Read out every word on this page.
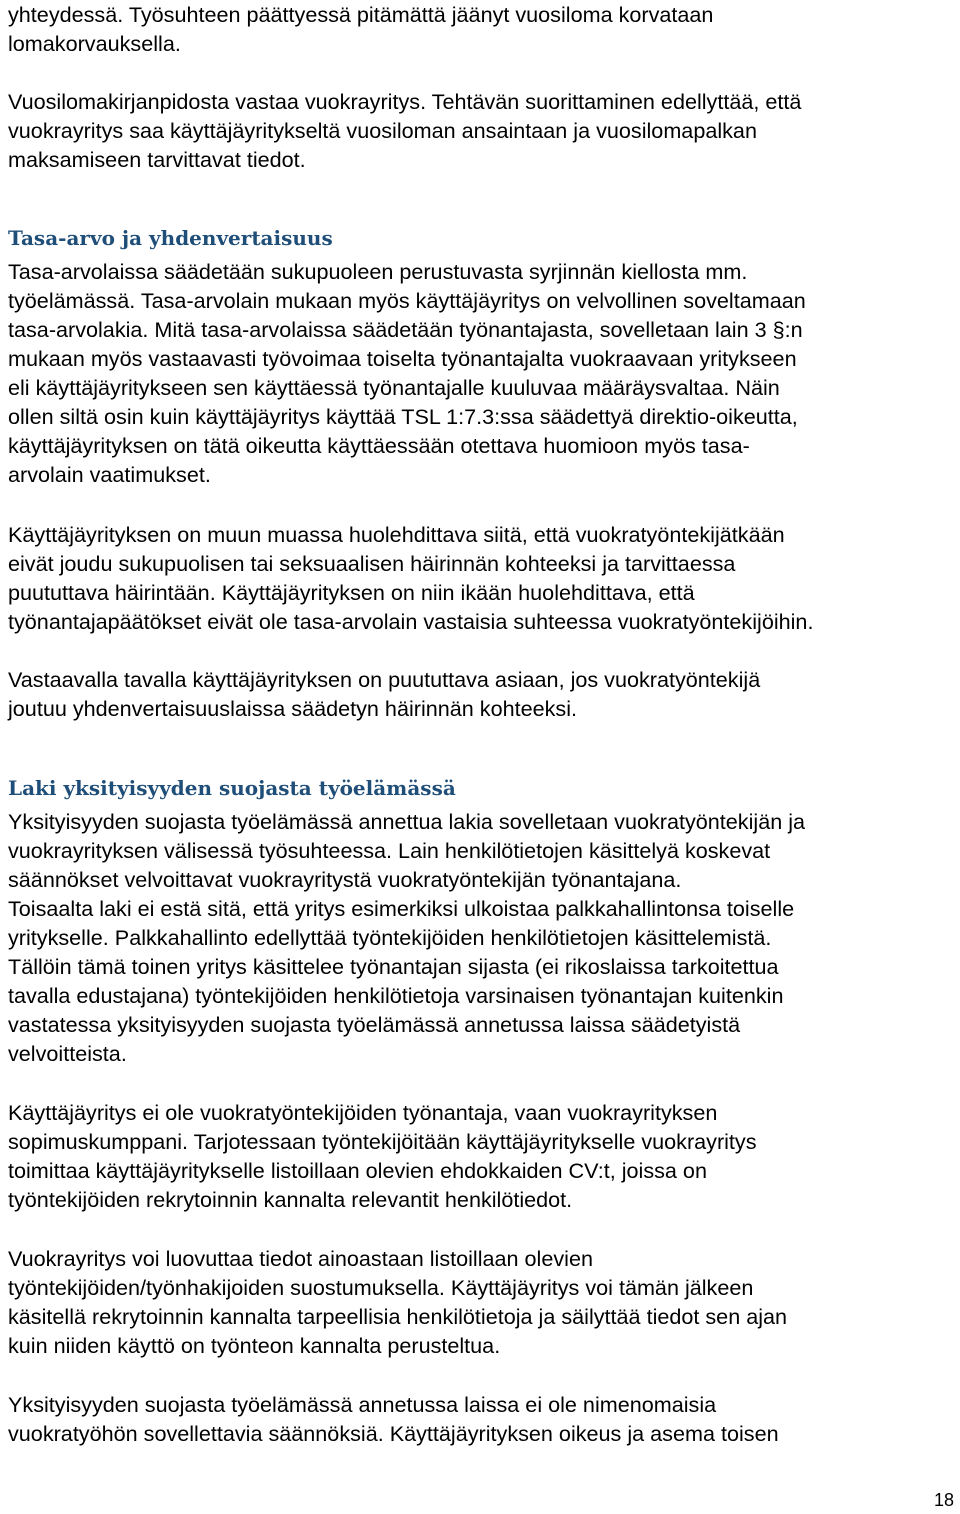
yhteydessä. Työsuhteen päättyessä pitämättä jäänyt vuosiloma korvataan
lomakorvauksella.
Vuosilomakirjanpidosta vastaa vuokrayritys. Tehtävän suorittaminen edellyttää, että
vuokrayritys saa käyttäjäyritykseltä vuosiloman ansaintaan ja vuosilomapalkan
maksamiseen tarvittavat tiedot.
Tasa-arvo ja yhdenvertaisuus
Tasa-arvolaissa säädetään sukupuoleen perustuvasta syrjinnän kiellosta mm.
työelämässä. Tasa-arvolain mukaan myös käyttäjäyritys on velvollinen soveltamaan
tasa-arvolakia. Mitä tasa-arvolaissa säädetään työnantajasta, sovelletaan lain 3 §:n
mukaan myös vastaavasti työvoimaa toiselta työnantajalta vuokraavaan yritykseen
eli käyttäjäyritykseen sen käyttäessä työnantajalle kuuluvaa määräysvaltaa. Näin
ollen siltä osin kuin käyttäjäyritys käyttää TSL 1:7.3:ssa säädettyä direktio-oikeutta,
käyttäjäyrityksen on tätä oikeutta käyttäessään otettava huomioon myös tasa-
arvolain vaatimukset.
Käyttäjäyrityksen on muun muassa huolehdittava siitä, että vuokratyöntekijätkään
eivät joudu sukupuolisen tai seksuaalisen häirinnän kohteeksi ja tarvittaessa
puututtava häirintään. Käyttäjäyrityksen on niin ikään huolehdittava, että
työnantajapäätökset eivät ole tasa-arvolain vastaisia suhteessa vuokratyöntekijöihin.
Vastaavalla tavalla käyttäjäyrityksen on puututtava asiaan, jos vuokratyöntekijä
joutuu yhdenvertaisuuslaissa säädetyn häirinnän kohteeksi.
Laki yksityisyyden suojasta työelämässä
Yksityisyyden suojasta työelämässä annettua lakia sovelletaan vuokratyöntekijän ja
vuokrayrityksen välisessä työsuhteessa. Lain henkilötietojen käsittelyä koskevat
säännökset velvoittavat vuokrayritystä vuokratyöntekijän työnantajana.
Toisaalta laki ei estä sitä, että yritys esimerkiksi ulkoistaa palkkahallintonsa toiselle
yritykselle. Palkkahallinto edellyttää työntekijöiden henkilötietojen käsittelemistä.
Tällöin tämä toinen yritys käsittelee työnantajan sijasta (ei rikoslaissa tarkoitettua
tavalla edustajana) työntekijöiden henkilötietoja varsinaisen työnantajan kuitenkin
vastatessa yksityisyyden suojasta työelämässä annetussa laissa säädetyistä
velvoitteista.
Käyttäjäyritys ei ole vuokratyöntekijöiden työnantaja, vaan vuokrayrityksen
sopimuskumppani. Tarjotessaan työntekijöitään käyttäjäyritykselle vuokrayritys
toimittaa käyttäjäyritykselle listoillaan olevien ehdokkaiden CV:t, joissa on
työntekijöiden rekrytoinnin kannalta relevantit henkilötiedot.
Vuokrayritys voi luovuttaa tiedot ainoastaan listoillaan olevien
työntekijöiden/työnhakijoiden suostumuksella. Käyttäjäyritys voi tämän jälkeen
käsitellä rekrytoinnin kannalta tarpeellisia henkilötietoja ja säilyttää tiedot sen ajan
kuin niiden käyttö on työnteon kannalta perusteltua.
Yksityisyyden suojasta työelämässä annetussa laissa ei ole nimenomaisia
vuokratyöhön sovellettavia säännöksiä. Käyttäjäyrityksen oikeus ja asema toisen
18
